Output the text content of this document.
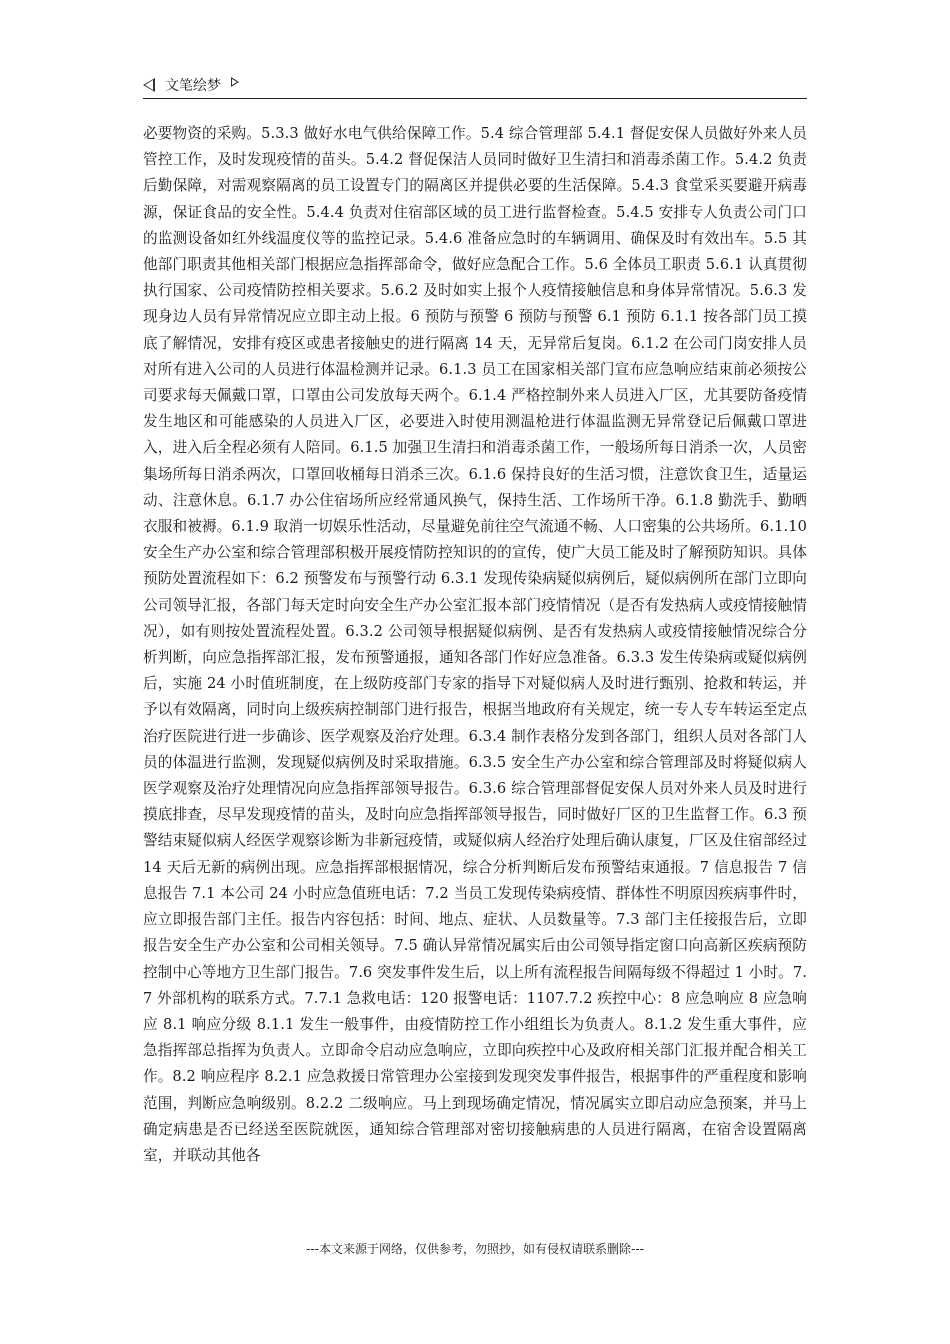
文笔绘梦

必要物资的采购。5.3.3 做好水电气供给保障工作。5.4 综合管理部 5.4.1 督促安保人员做好外来人员管控工作，及时发现疫情的苗头。5.4.2 督促保洁人员同时做好卫生清扫和消毒杀菌工作。5.4.2 负责后勤保障，对需观察隔离的员工设置专门的隔离区并提供必要的生活保障。5.4.3 食堂采买要避开病毒源，保证食品的安全性。5.4.4 负责对住宿部区域的员工进行监督检查。5.4.5 安排专人负责公司门口的监测设备如红外线温度仪等的监控记录。5.4.6 准备应急时的车辆调用、确保及时有效出车。5.5 其他部门职责其他相关部门根据应急指挥部命令，做好应急配合工作。5.6 全体员工职责 5.6.1 认真贯彻执行国家、公司疫情防控相关要求。5.6.2 及时如实上报个人疫情接触信息和身体异常情况。5.6.3 发现身边人员有异常情况应立即主动上报。6 预防与预警 6 预防与预警 6.1 预防 6.1.1 按各部门员工摸底了解情况，安排有疫区或患者接触史的进行隔离 14 天，无异常后复岗。6.1.2 在公司门岗安排人员对所有进入公司的人员进行体温检测并记录。6.1.3 员工在国家相关部门宣布应急响应结束前必须按公司要求每天佩戴口罩，口罩由公司发放每天两个。6.1.4 严格控制外来人员进入厂区，尤其要防备疫情发生地区和可能感染的人员进入厂区，必要进入时使用测温枪进行体温监测无异常登记后佩戴口罩进入，进入后全程必须有人陪同。6.1.5 加强卫生清扫和消毒杀菌工作，一般场所每日消杀一次，人员密集场所每日消杀两次，口罩回收桶每日消杀三次。6.1.6 保持良好的生活习惯，注意饮食卫生，适量运动、注意休息。6.1.7 办公住宿场所应经常通风换气，保持生活、工作场所干净。6.1.8 勤洗手、勤晒衣服和被褥。6.1.9 取消一切娱乐性活动，尽量避免前往空气流通不畅、人口密集的公共场所。6.1.10 安全生产办公室和综合管理部积极开展疫情防控知识的的宣传，使广大员工能及时了解预防知识。具体预防处置流程如下：6.2 预警发布与预警行动 6.3.1 发现传染病疑似病例后，疑似病例所在部门立即向公司领导汇报，各部门每天定时向安全生产办公室汇报本部门疫情情况（是否有发热病人或疫情接触情况），如有则按处置流程处置。6.3.2 公司领导根据疑似病例、是否有发热病人或疫情接触情况综合分析判断，向应急指挥部汇报，发布预警通报，通知各部门作好应急准备。6.3.3 发生传染病或疑似病例后，实施 24 小时值班制度，在上级防疫部门专家的指导下对疑似病人及时进行甄别、抢救和转运，并予以有效隔离，同时向上级疾病控制部门进行报告，根据当地政府有关规定，统一专人专车转运至定点治疗医院进行进一步确诊、医学观察及治疗处理。6.3.4 制作表格分发到各部门，组织人员对各部门人员的体温进行监测，发现疑似病例及时采取措施。6.3.5 安全生产办公室和综合管理部及时将疑似病人医学观察及治疗处理情况向应急指挥部领导报告。6.3.6 综合管理部督促安保人员对外来人员及时进行摸底排查，尽早发现疫情的苗头，及时向应急指挥部领导报告，同时做好厂区的卫生监督工作。6.3 预警结束疑似病人经医学观察诊断为非新冠疫情，或疑似病人经治疗处理后确认康复，厂区及住宿部经过 14 天后无新的病例出现。应急指挥部根据情况，综合分析判断后发布预警结束通报。7 信息报告 7 信息报告 7.1 本公司 24 小时应急值班电话：7.2 当员工发现传染病疫情、群体性不明原因疾病事件时，应立即报告部门主任。报告内容包括：时间、地点、症状、人员数量等。7.3 部门主任接报告后，立即报告安全生产办公室和公司相关领导。7.5 确认异常情况属实后由公司领导指定窗口向高新区疾病预防控制中心等地方卫生部门报告。7.6 突发事件发生后，以上所有流程报告间隔每级不得超过 1 小时。7.7 外部机构的联系方式。7.7.1 急救电话：120 报警电话：1107.7.2 疾控中心：8 应急响应 8 应急响应 8.1 响应分级 8.1.1 发生一般事件，由疫情防控工作小组组长为负责人。8.1.2 发生重大事件，应急指挥部总指挥为负责人。立即命令启动应急响应，立即向疾控中心及政府相关部门汇报并配合相关工作。8.2 响应程序 8.2.1 应急救援日常管理办公室接到发现突发事件报告，根据事件的严重程度和影响范围，判断应急响级别。8.2.2 二级响应。马上到现场确定情况，情况属实立即启动应急预案，并马上确定病患是否已经送至医院就医，通知综合管理部对密切接触病患的人员进行隔离，在宿舍设置隔离室，并联动其他各

---本文来源于网络，仅供参考，勿照抄，如有侵权请联系删除---
